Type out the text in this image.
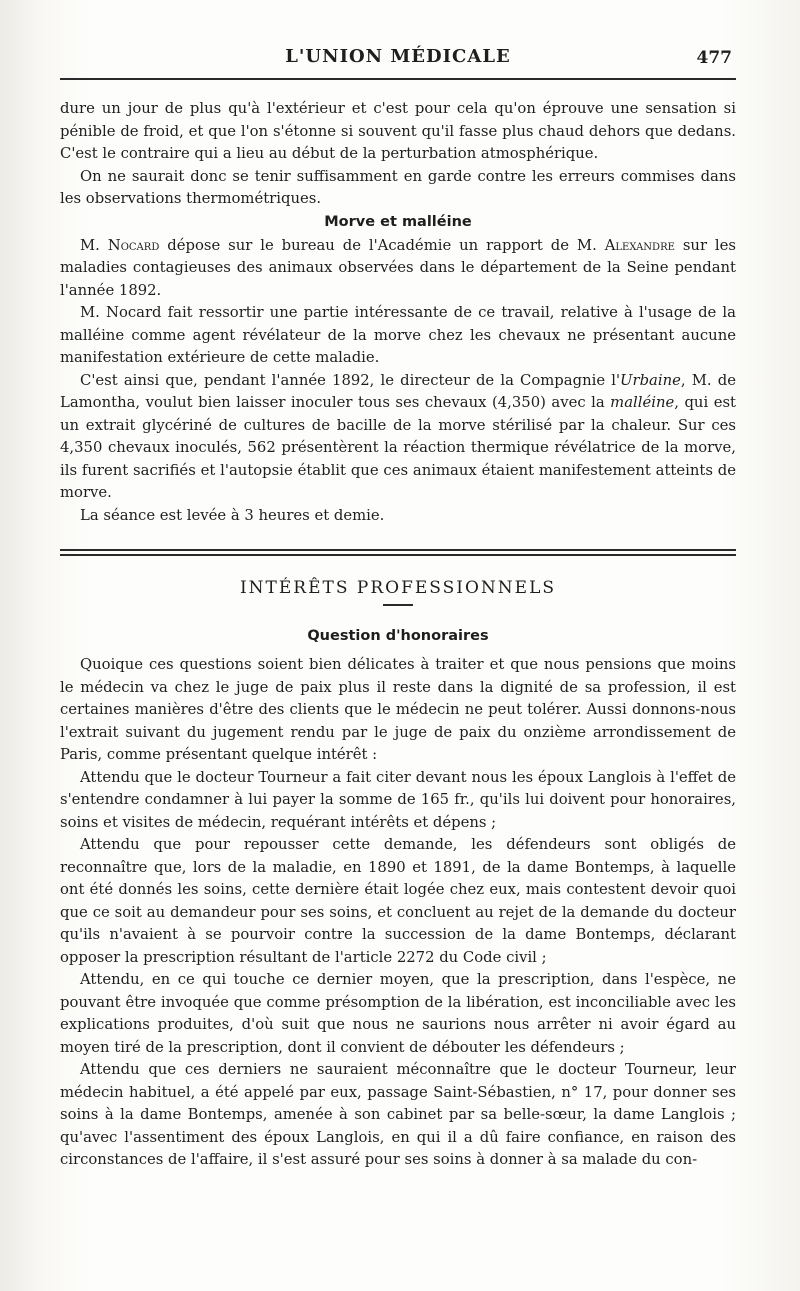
L'UNION MÉDICALE	477

dure un jour de plus qu'à l'extérieur et c'est pour cela qu'on éprouve une sensation si pénible de froid, et que l'on s'étonne si souvent qu'il fasse plus chaud dehors que dedans. C'est le contraire qui a lieu au début de la perturbation atmosphérique.

On ne saurait donc se tenir suffisamment en garde contre les erreurs commises dans les observations thermométriques.

Morve et malléine

M. Nocard dépose sur le bureau de l'Académie un rapport de M. Alexandre sur les maladies contagieuses des animaux observées dans le département de la Seine pendant l'année 1892.

M. Nocard fait ressortir une partie intéressante de ce travail, relative à l'usage de la malléine comme agent révélateur de la morve chez les chevaux ne présentant aucune manifestation extérieure de cette maladie.

C'est ainsi que, pendant l'année 1892, le directeur de la Compagnie l'Urbaine, M. de Lamontha, voulut bien laisser inoculer tous ses chevaux (4,350) avec la malléine, qui est un extrait glycériné de cultures de bacille de la morve stérilisé par la chaleur. Sur ces 4,350 chevaux inoculés, 562 présentèrent la réaction thermique révélatrice de la morve, ils furent sacrifiés et l'autopsie établit que ces animaux étaient manifestement atteints de morve.

La séance est levée à 3 heures et demie.

INTÉRÊTS PROFESSIONNELS
Question d'honoraires

Quoique ces questions soient bien délicates à traiter et que nous pensions que moins le médecin va chez le juge de paix plus il reste dans la dignité de sa profession, il est certaines manières d'être des clients que le médecin ne peut tolérer. Aussi donnons-nous l'extrait suivant du jugement rendu par le juge de paix du onzième arrondissement de Paris, comme présentant quelque intérêt :

Attendu que le docteur Tourneur a fait citer devant nous les époux Langlois à l'effet de s'entendre condamner à lui payer la somme de 165 fr., qu'ils lui doivent pour honoraires, soins et visites de médecin, requérant intérêts et dépens ;

Attendu que pour repousser cette demande, les défendeurs sont obligés de reconnaître que, lors de la maladie, en 1890 et 1891, de la dame Bontemps, à laquelle ont été donnés les soins, cette dernière était logée chez eux, mais contestent devoir quoi que ce soit au demandeur pour ses soins, et concluent au rejet de la demande du docteur qu'ils n'avaient à se pourvoir contre la succession de la dame Bontemps, déclarant opposer la prescription résultant de l'article 2272 du Code civil ;

Attendu, en ce qui touche ce dernier moyen, que la prescription, dans l'espèce, ne pouvant être invoquée que comme présomption de la libération, est inconciliable avec les explications produites, d'où suit que nous ne saurions nous arrêter ni avoir égard au moyen tiré de la prescription, dont il convient de débouter les défendeurs ;

Attendu que ces derniers ne sauraient méconnaître que le docteur Tourneur, leur médecin habituel, a été appelé par eux, passage Saint-Sébastien, n° 17, pour donner ses soins à la dame Bontemps, amenée à son cabinet par sa belle-sœur, la dame Langlois ; qu'avec l'assentiment des époux Langlois, en qui il a dû faire confiance, en raison des circonstances de l'affaire, il s'est assuré pour ses soins à donner à sa malade du con-
